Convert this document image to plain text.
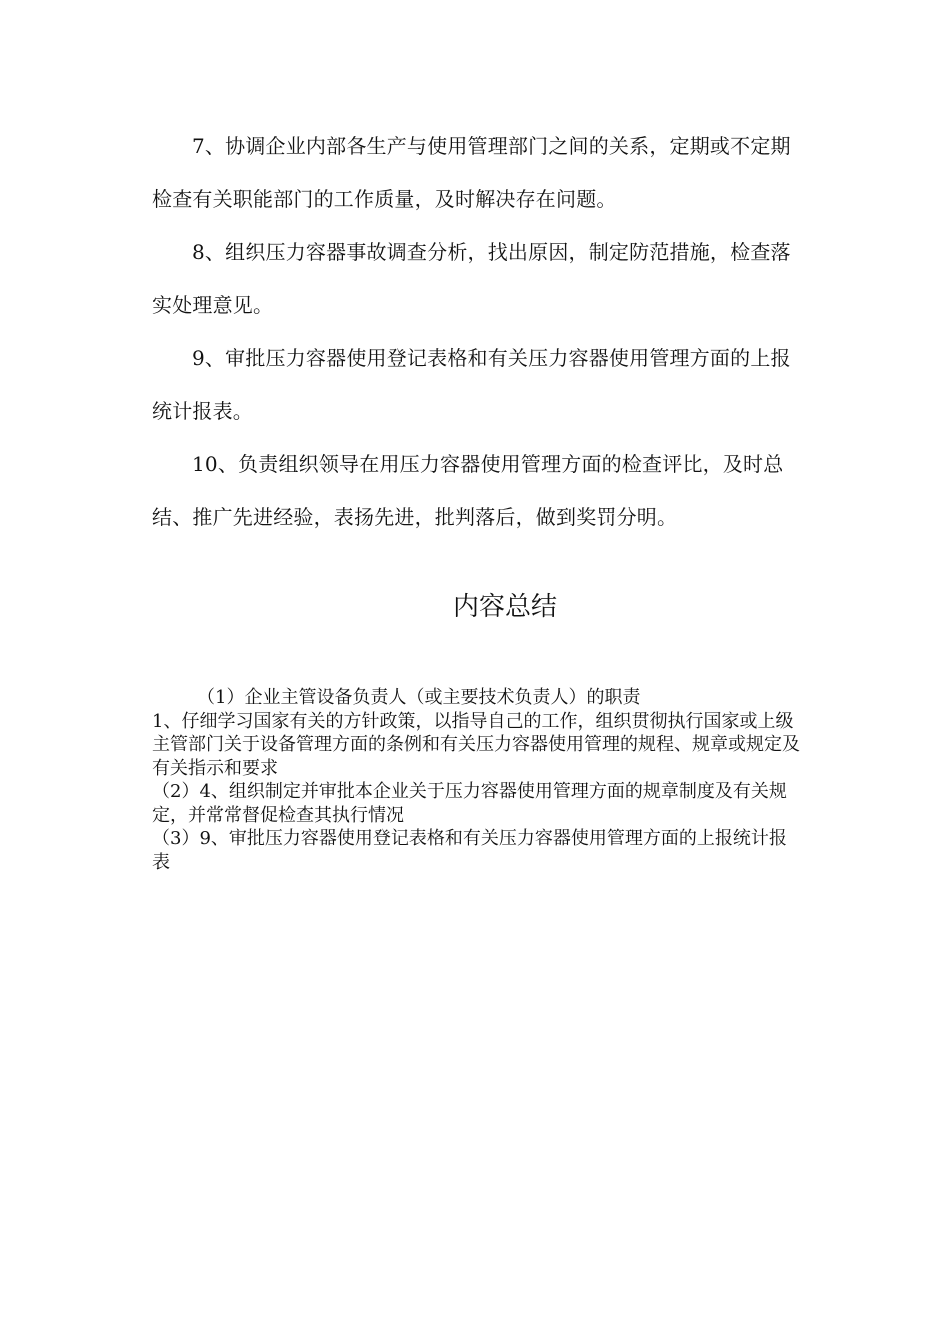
7、协调企业内部各生产与使用管理部门之间的关系，定期或不定期检查有关职能部门的工作质量，及时解决存在问题。

8、组织压力容器事故调查分析，找出原因，制定防范措施，检查落实处理意见。

9、审批压力容器使用登记表格和有关压力容器使用管理方面的上报统计报表。

10、负责组织领导在用压力容器使用管理方面的检查评比，及时总结、推广先进经验，表扬先进，批判落后，做到奖罚分明。

内容总结

（1）企业主管设备负责人（或主要技术负责人）的职责

1、仔细学习国家有关的方针政策，以指导自己的工作，组织贯彻执行国家或上级主管部门关于设备管理方面的条例和有关压力容器使用管理的规程、规章或规定及有关指示和要求

（2）4、组织制定并审批本企业关于压力容器使用管理方面的规章制度及有关规定，并常常督促检查其执行情况

（3）9、审批压力容器使用登记表格和有关压力容器使用管理方面的上报统计报表
